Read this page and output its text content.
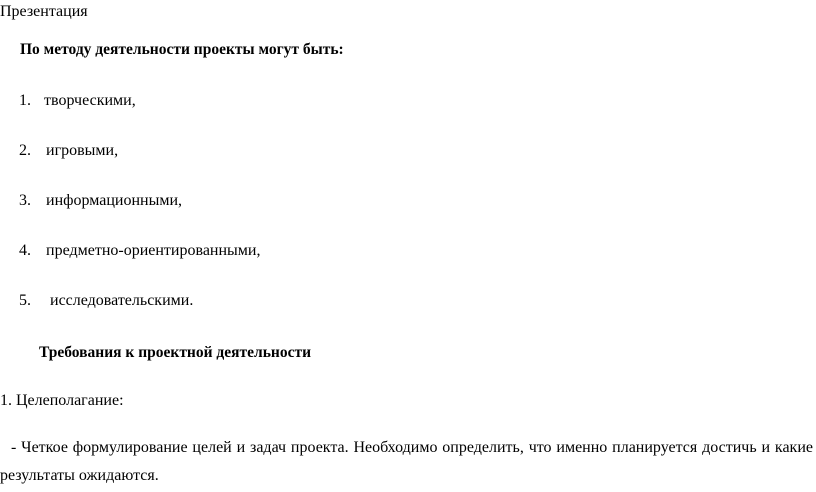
Презентация
По методу деятельности проекты могут быть:
1. творческими,
2. игровыми,
3. информационными,
4. предметно-ориентированными,
5. исследовательскими.
Требования к проектной деятельности
1. Целеполагание:
- Четкое формулирование целей и задач проекта. Необходимо определить, что именно планируется достичь и какие
результаты ожидаются.
